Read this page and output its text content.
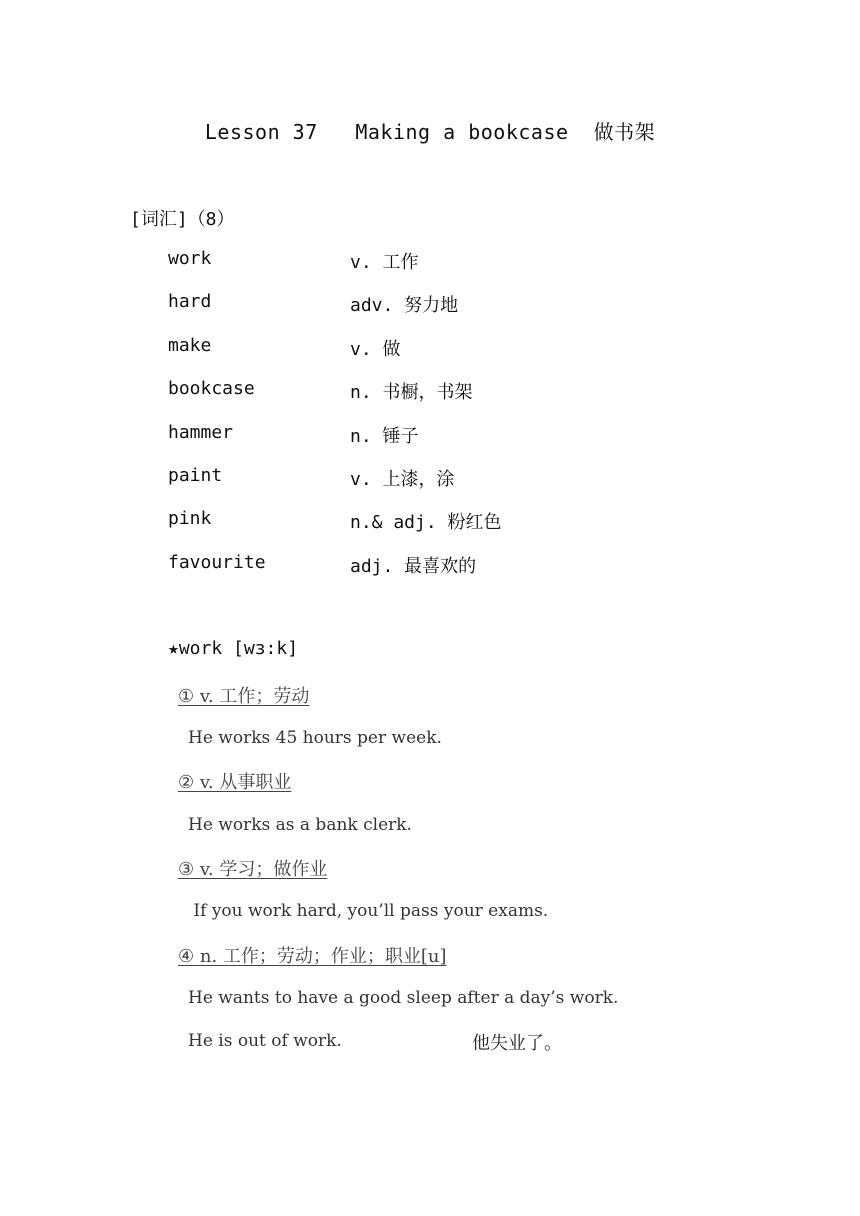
Lesson 37   Making a bookcase  做书架
[词汇]（8）
work	v. 工作
hard	adv. 努力地
make	v. 做
bookcase	n. 书橱，书架
hammer	n. 锤子
paint	v. 上漆，涂
pink	n.& adj. 粉红色
favourite	adj. 最喜欢的
★work [wɜ:k]
① v. 工作；劳动
He works 45 hours per week.
② v. 从事职业
He works as a bank clerk.
③ v. 学习；做作业
If you work hard, you’ll pass your exams.
④ n. 工作；劳动；作业；职业[u]
He wants to have a good sleep after a day’s work.
He is out of work.	他失业了。
